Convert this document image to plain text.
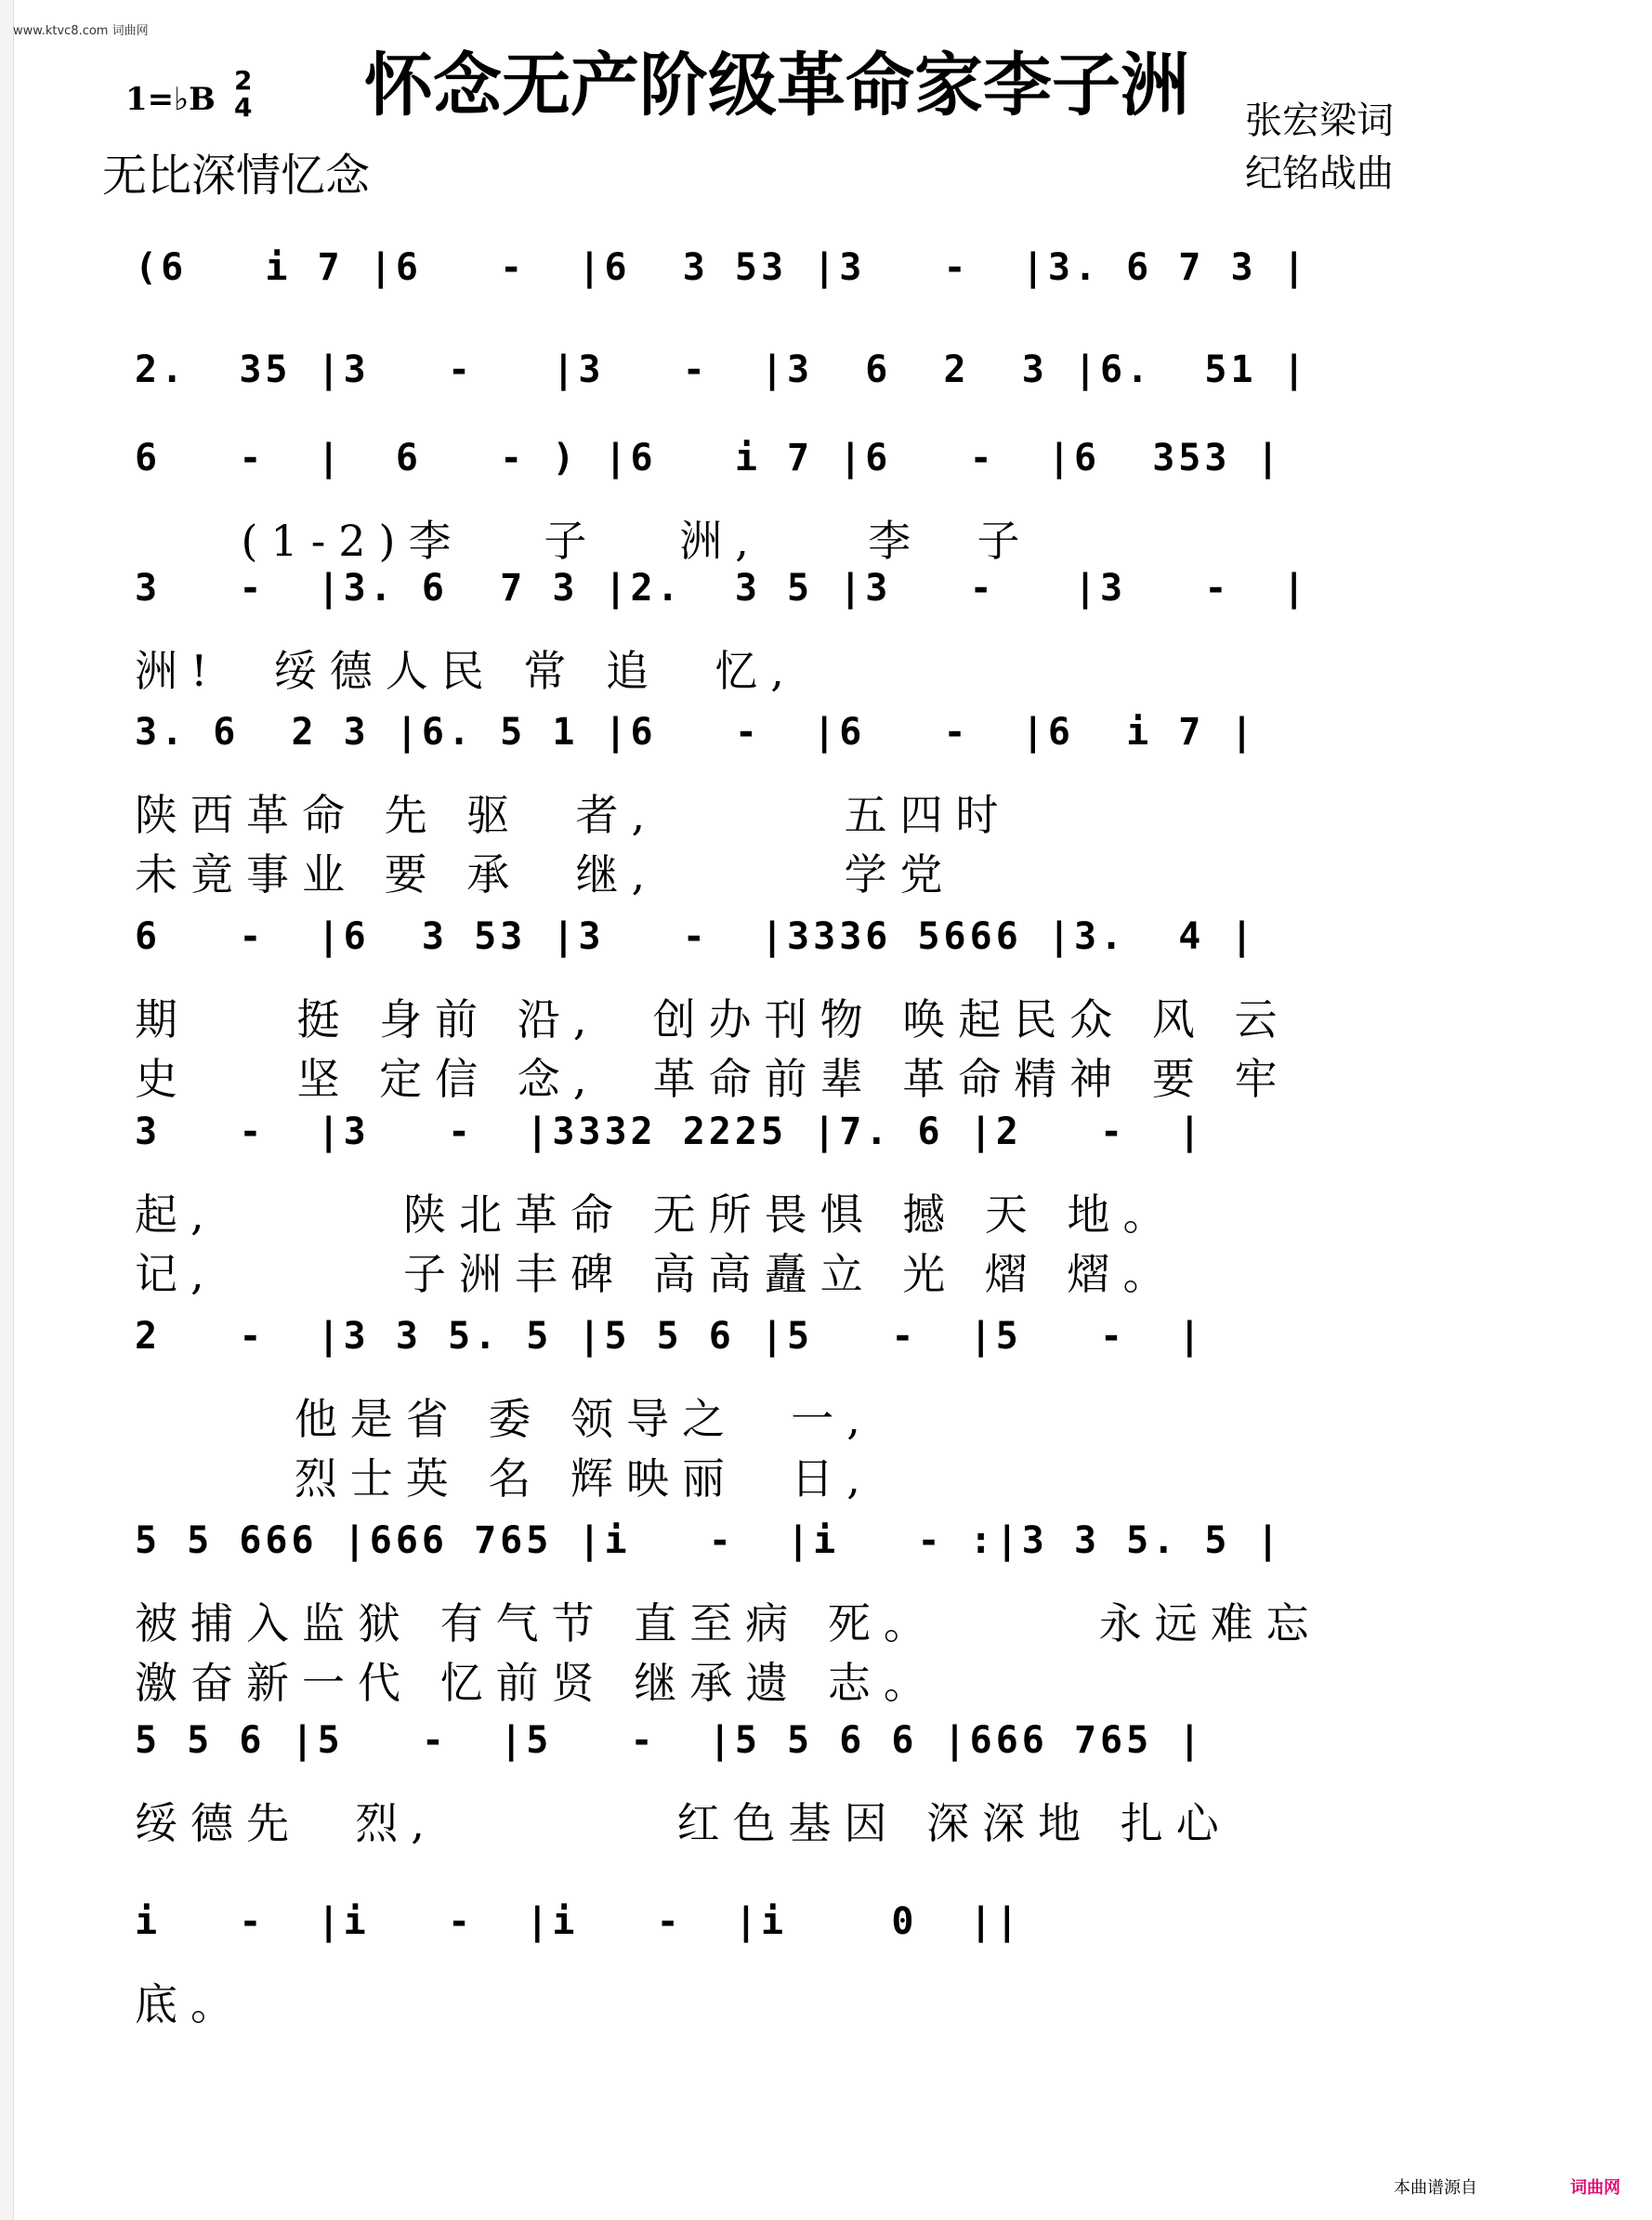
www.ktvc8.com 词曲网
1=♭B
2
4 怀念无产阶级革命家李子洲 张宏梁词
纪铭战曲
无比深情忆念
(6   i 7 |6   -  |6  3 53 |3   -  |3. 6 7 3 |
2.  35 |3   -   |3   -  |3  6  2  3 |6.  51 |
6   -  |  6   - ) |6   i 7 |6   -  |6  353 |
(1-2)李   子   洲,    李  子
3   -  |3. 6  7 3 |2.  3 5 |3   -   |3   -  |
洲!  绥德人民 常 追  忆,
3. 6  2 3 |6. 5 1 |6   -  |6   -  |6  i 7 |
陕西革命 先 驱  者,       五四时
未竟事业 要 承  继,       学党
6   -  |6  3 53 |3   -  |3336 5666 |3.  4 |
期    挺 身前 沿,  创办刊物 唤起民众 风 云
史    坚 定信 念,  革命前辈 革命精神 要 牢
3   -  |3   -  |3332 2225 |7. 6 |2   -  |
起,       陕北革命 无所畏惧 撼 天 地。
记,       子洲丰碑 高高矗立 光 熠 熠。
2   -  |3 3 5. 5 |5 5 6 |5   -  |5   -  |
他是省 委 领导之  一,
烈士英 名 辉映丽  日,
5 5 666 |666 765 |i   -  |i   - :|3 3 5. 5 |
被捕入监狱 有气节 直至病 死。      永远难忘
激奋新一代 忆前贤 继承遗 志。
5 5 6 |5   -  |5   -  |5 5 6 6 |666 765 |
绥德先  烈,         红色基因 深深地 扎心
i   -  |i   -  |i   -  |i    0  ||
底。
本曲谱源自	词曲网
